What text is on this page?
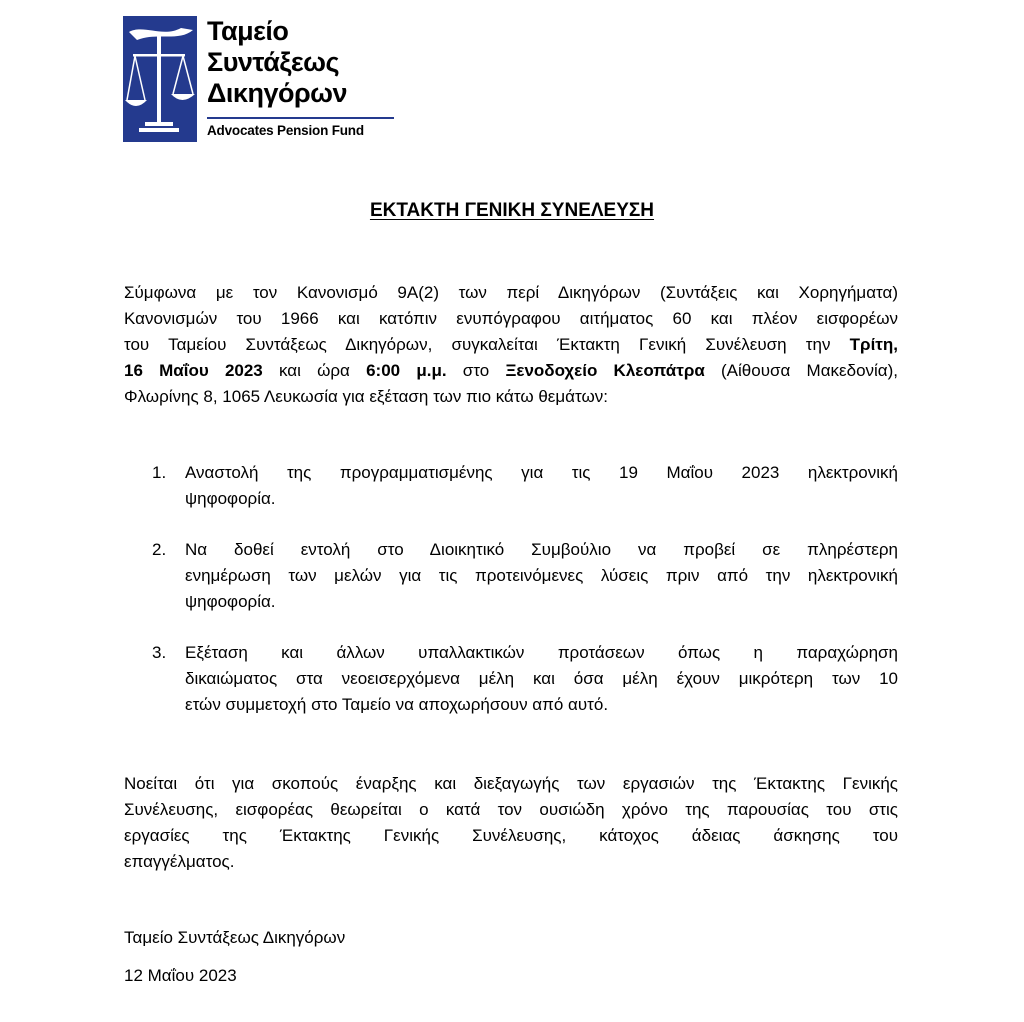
Ταμείο
Συντάξεως
Δικηγόρων
Advocates Pension Fund
ΕΚΤΑΚΤΗ ΓΕΝΙΚΗ ΣΥΝΕΛΕΥΣΗ
Σύμφωνα με τον Κανονισμό 9Α(2) των περί Δικηγόρων (Συντάξεις και Χορηγήματα)
Κανονισμών του 1966 και κατόπιν ενυπόγραφου αιτήματος 60 και πλέον εισφορέων
του Ταμείου Συντάξεως Δικηγόρων, συγκαλείται Έκτακτη Γενική Συνέλευση την Τρίτη,
16 Μαΐου 2023 και ώρα 6:00 μ.μ. στο Ξενοδοχείο Κλεοπάτρα (Αίθουσα Μακεδονία),
Φλωρίνης 8, 1065 Λευκωσία για εξέταση των πιο κάτω θεμάτων:
1. Αναστολή της προγραμματισμένης για τις 19 Μαΐου 2023 ηλεκτρονική
ψηφοφορία.
2. Να δοθεί εντολή στο Διοικητικό Συμβούλιο να προβεί σε πληρέστερη
ενημέρωση των μελών για τις προτεινόμενες λύσεις πριν από την ηλεκτρονική
ψηφοφορία.
3. Εξέταση και άλλων υπαλλακτικών προτάσεων όπως η παραχώρηση
δικαιώματος στα νεοεισερχόμενα μέλη και όσα μέλη έχουν μικρότερη των 10
ετών συμμετοχή στο Ταμείο να αποχωρήσουν από αυτό.
Νοείται ότι για σκοπούς έναρξης και διεξαγωγής των εργασιών της Έκτακτης Γενικής
Συνέλευσης, εισφορέας θεωρείται ο κατά τον ουσιώδη χρόνο της παρουσίας του στις
εργασίες της Έκτακτης Γενικής Συνέλευσης, κάτοχος άδειας άσκησης του
επαγγέλματος.
Ταμείο Συντάξεως Δικηγόρων
12 Μαΐου 2023
